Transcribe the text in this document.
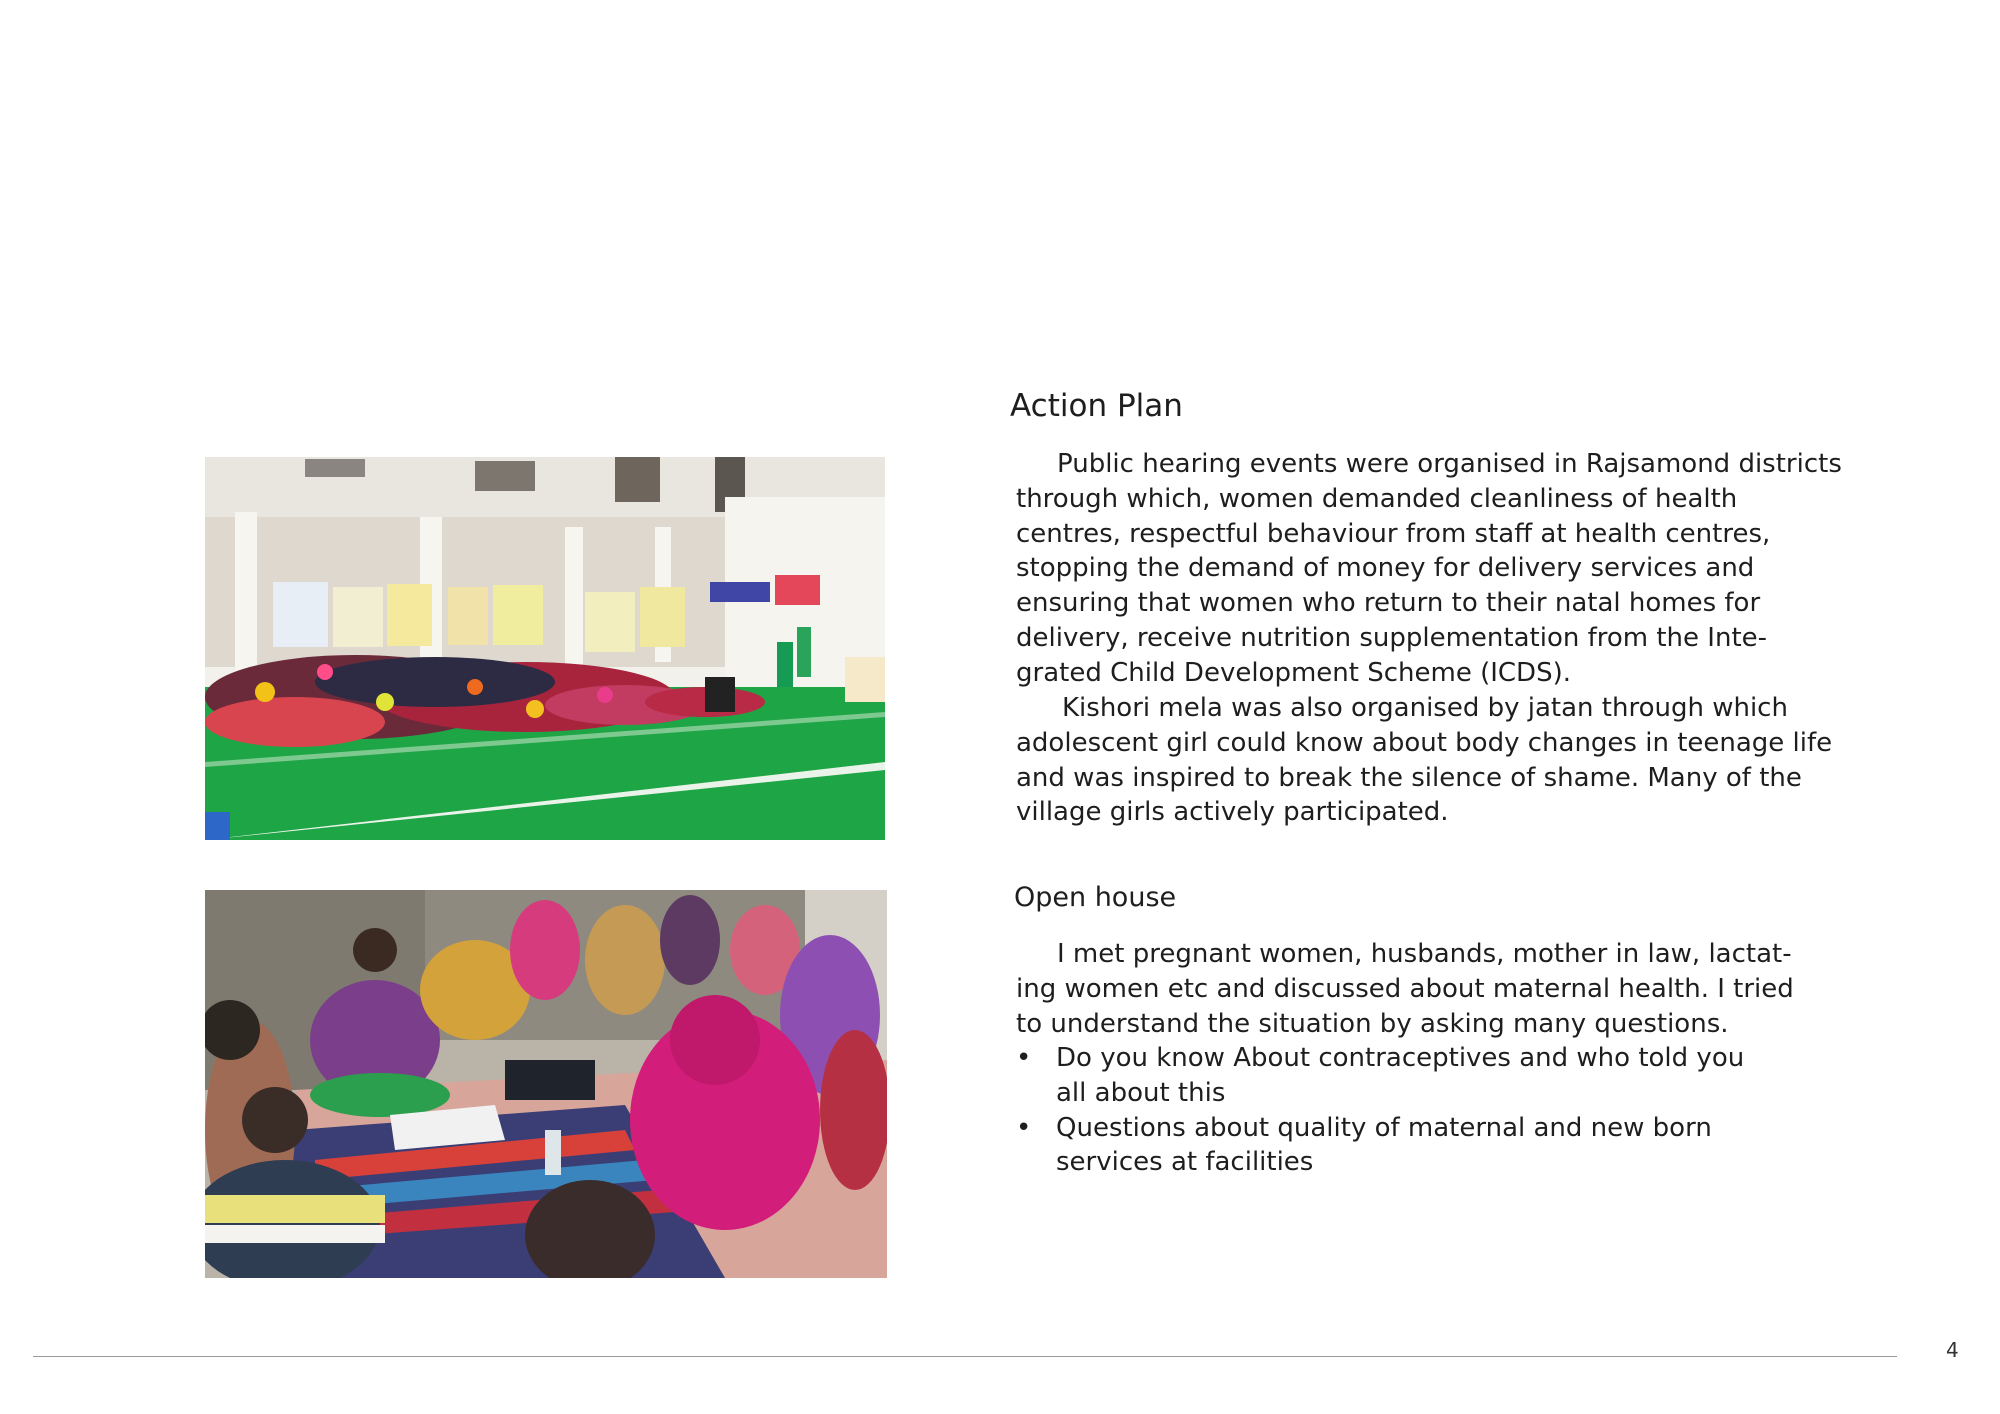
Action Plan

Public hearing events were organised in Rajsamond districts
through which, women demanded cleanliness of health
centres, respectful behaviour from staff at health centres,
stopping the demand of money for delivery services and
ensuring that women who return to their natal homes for
delivery, receive nutrition supplementation from the Inte-
grated Child Development Scheme (ICDS).

Kishori mela was also organised by jatan through which
adolescent girl could know about body changes in teenage life
and was inspired to break the silence of shame. Many of the
village girls actively participated.

Open house

I met pregnant women, husbands, mother in law, lactat-
ing women etc and discussed about maternal health. I tried
to understand the situation by asking many questions.

• Do you know About contraceptives and who told you
all about this
• Questions about quality of maternal and new born
services at facilities
4
